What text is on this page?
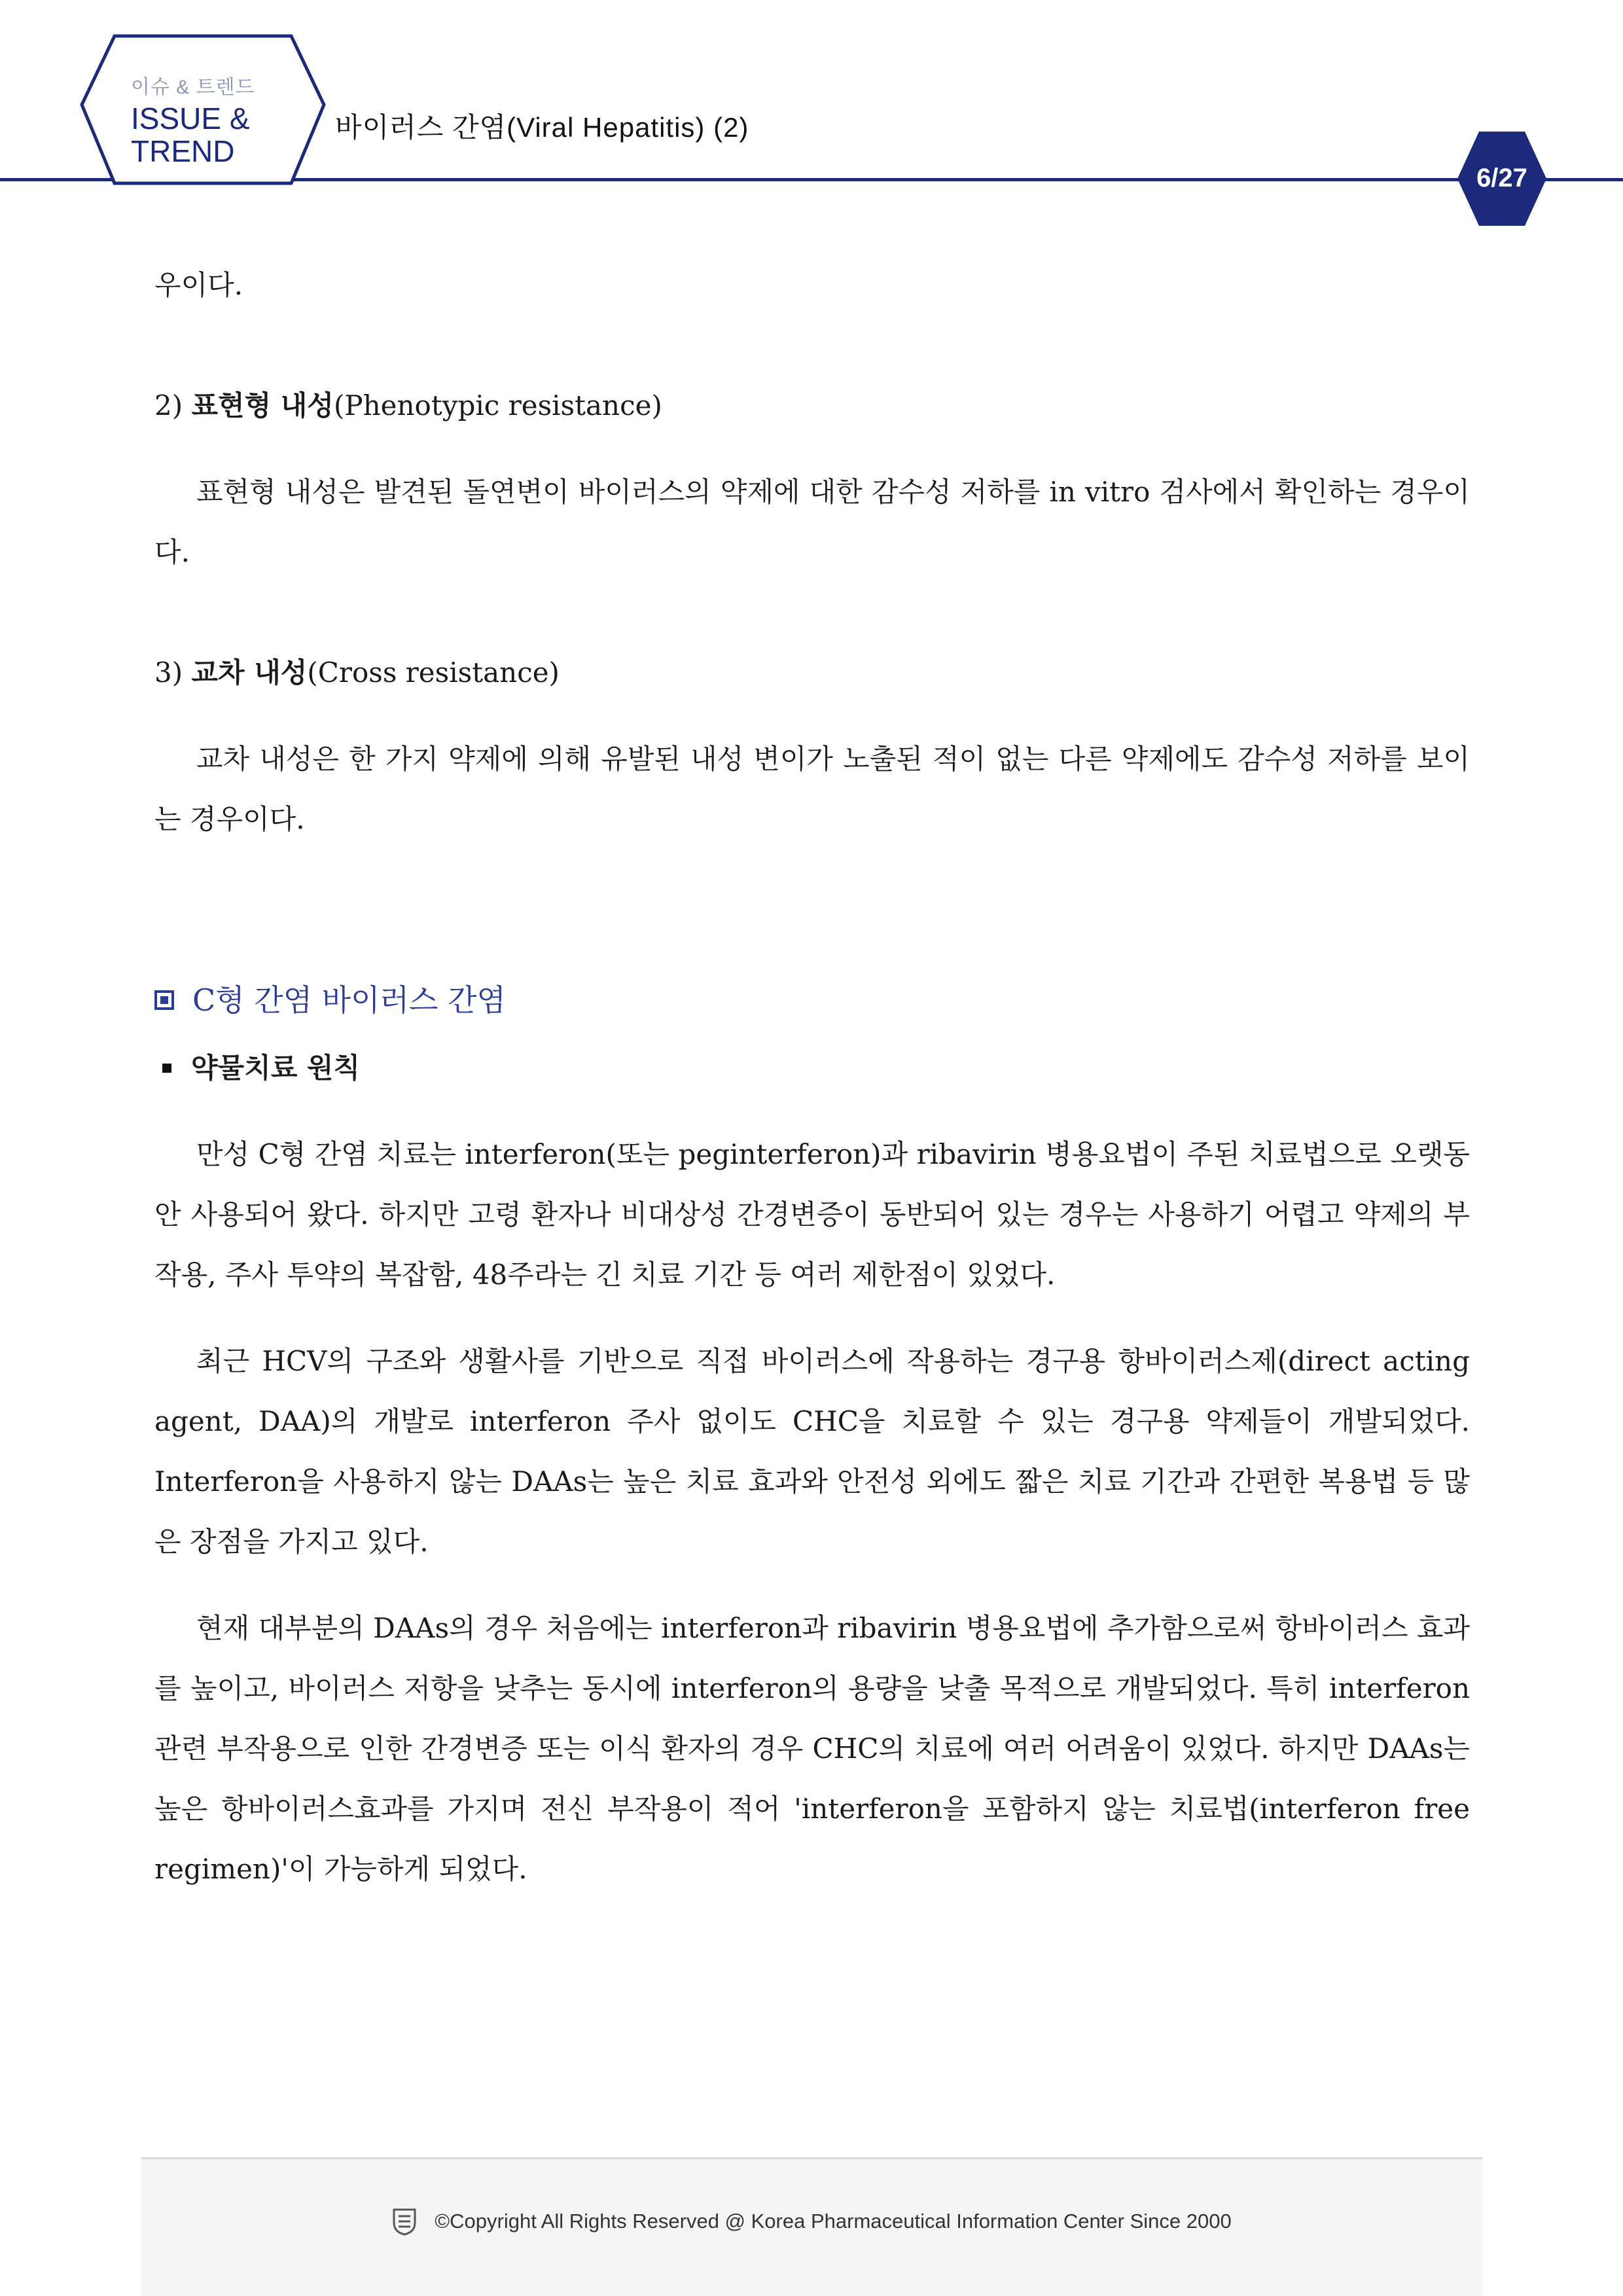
이슈 & 트렌드
ISSUE &
TREND
바이러스 간염(Viral Hepatitis) (2)
6/27

우이다.

2) 표현형 내성(Phenotypic resistance)

표현형 내성은 발견된 돌연변이 바이러스의 약제에 대한 감수성 저하를 in vitro 검사에서 확인하는 경우이다.

3) 교차 내성(Cross resistance)

교차 내성은 한 가지 약제에 의해 유발된 내성 변이가 노출된 적이 없는 다른 약제에도 감수성 저하를 보이는 경우이다.

C형 간염 바이러스 간염

약물치료 원칙

만성 C형 간염 치료는 interferon(또는 peginterferon)과 ribavirin 병용요법이 주된 치료법으로 오랫동안 사용되어 왔다. 하지만 고령 환자나 비대상성 간경변증이 동반되어 있는 경우는 사용하기 어렵고 약제의 부작용, 주사 투약의 복잡함, 48주라는 긴 치료 기간 등 여러 제한점이 있었다.

최근 HCV의 구조와 생활사를 기반으로 직접 바이러스에 작용하는 경구용 항바이러스제(direct acting agent, DAA)의 개발로 interferon 주사 없이도 CHC을 치료할 수 있는 경구용 약제들이 개발되었다. Interferon을 사용하지 않는 DAAs는 높은 치료 효과와 안전성 외에도 짧은 치료 기간과 간편한 복용법 등 많은 장점을 가지고 있다.

현재 대부분의 DAAs의 경우 처음에는 interferon과 ribavirin 병용요법에 추가함으로써 항바이러스 효과를 높이고, 바이러스 저항을 낮추는 동시에 interferon의 용량을 낮출 목적으로 개발되었다. 특히 interferon 관련 부작용으로 인한 간경변증 또는 이식 환자의 경우 CHC의 치료에 여러 어려움이 있었다. 하지만 DAAs는 높은 항바이러스효과를 가지며 전신 부작용이 적어 'interferon을 포함하지 않는 치료법(interferon free regimen)'이 가능하게 되었다.

©Copyright All Rights Reserved @ Korea Pharmaceutical Information Center Since 2000
